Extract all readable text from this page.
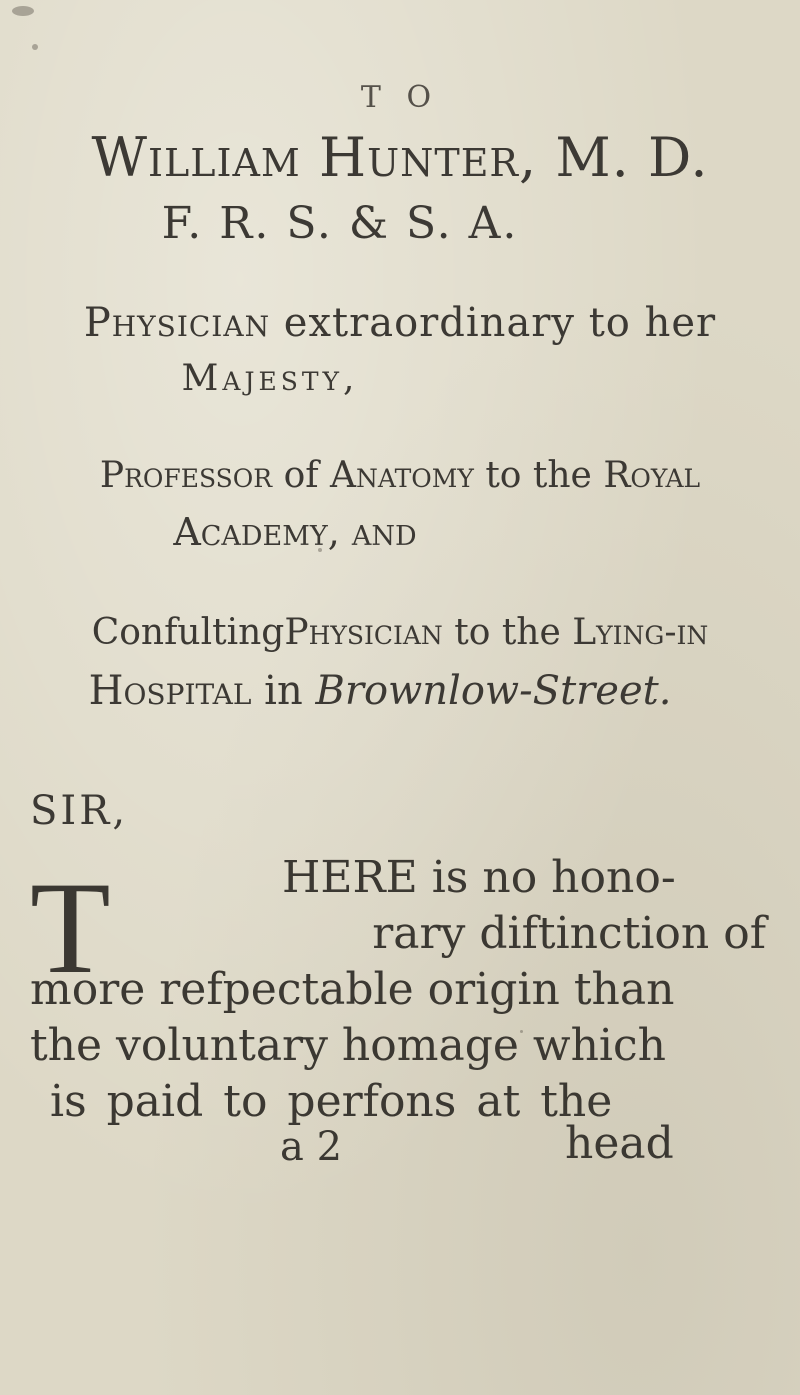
T O
William Hunter, M. D.
F. R. S. & S. A.
Physician extraordinary to her
Majesty,
Professor of Anatomy to the Royal
Academy, and
ConfultingPhysician to the Lying-in
Hospital in Brownlow-Street.
SIR,
T	HERE is no hono-
rary diftinction of
more refpectable origin than
the voluntary homage which
is paid to perfons at the
a 2	head
